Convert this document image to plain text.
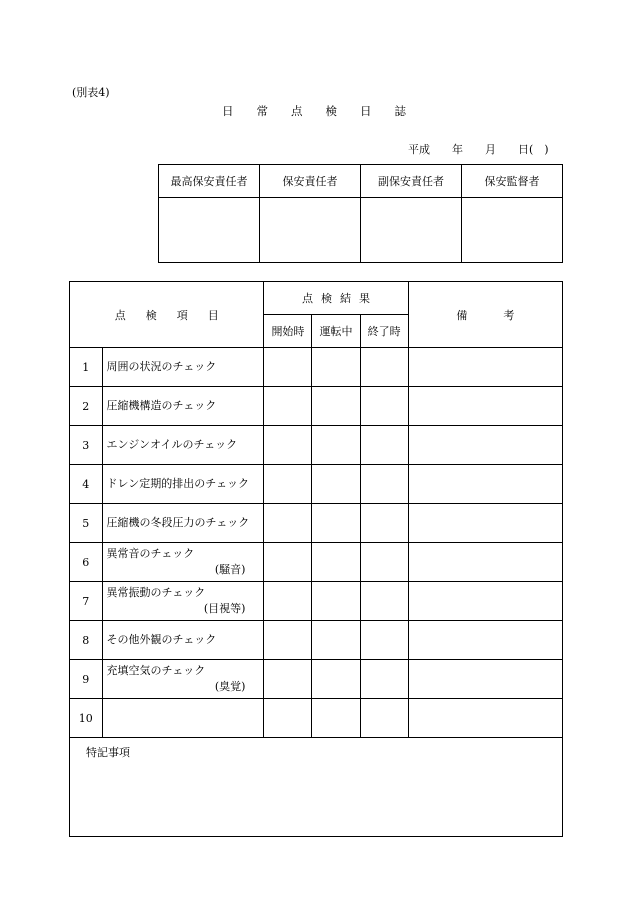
(別表4)
日 常 点 検 日 誌
平成　　年　　月　　日(　)
最高保安責任者	保安責任者	副保安責任者	保安監督者

点 検 項 目		点 検 結 果			備 考
		開始時	運転中	終了時	
1	周囲の状況のチェック				

2	圧縮機構造のチェック				

3	エンジンオイルのチェック				

4	ドレン定期的排出のチェック				

5	圧縮機の冬段圧力のチェック				

6	異常音のチェック
(騒音)				

7	異常振動のチェック
(目視等)				

8	その他外観のチェック				

9	充填空気のチェック
(臭覚)				

10	

特記事項					
